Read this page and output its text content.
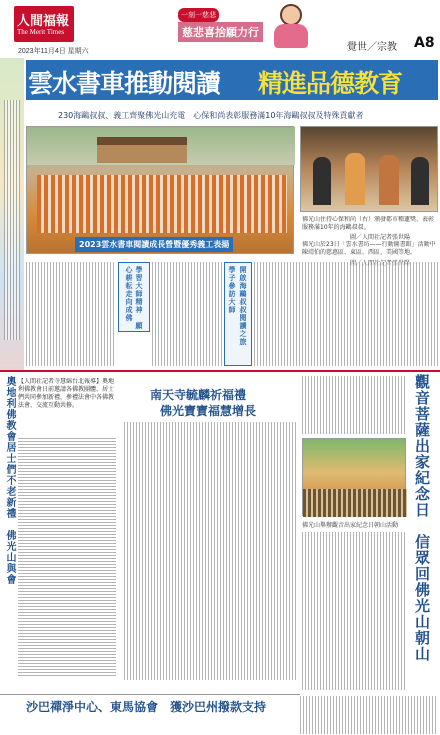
人間福報
The Merit Times
2023年11月4日 星期六
一刻一慈悲
慈悲喜捨願力行
覺世／宗教 A8
雲水書車推動閱讀 精進品德教育
230海鷗叔叔、義工齊聚佛光山充電　心保和尚表彰服務滿10年海鷗叔叔及特殊貢獻者
2023雲水書車閱讀成長營暨優秀義工表揚
佛光山住持心保和尚（右）頒發都市種蓮獎、表彰服務滿10年的海鷗叔叔。
圖／人間社記者張世陽
佛光山於23日「雲水書坊——行動圖書館」活動中陳靖伯的慈惠區、東區、西區、美國等地。
學習大師精神　願心耕耘走向成佛	學子參訪大師 開啟海鷗叔叔閱讀之旅
奧地利佛教會居士們不老新禮　佛光山與會 【人間社記者寺慧綿台北報導】奧地利佛教會日前邀請各佛教團體、居士們共同參加新禮，參禮法會中各佛教法會、交流互動共修。
南天寺毓麟祈福禮
佛光寶寶福慧增長
佛光山舉辦觀音出家紀念日朝山活動 觀音菩薩出家紀念日　信眾回佛光山朝山
沙巴禪淨中心、東馬協會　獲沙巴州撥款支持
